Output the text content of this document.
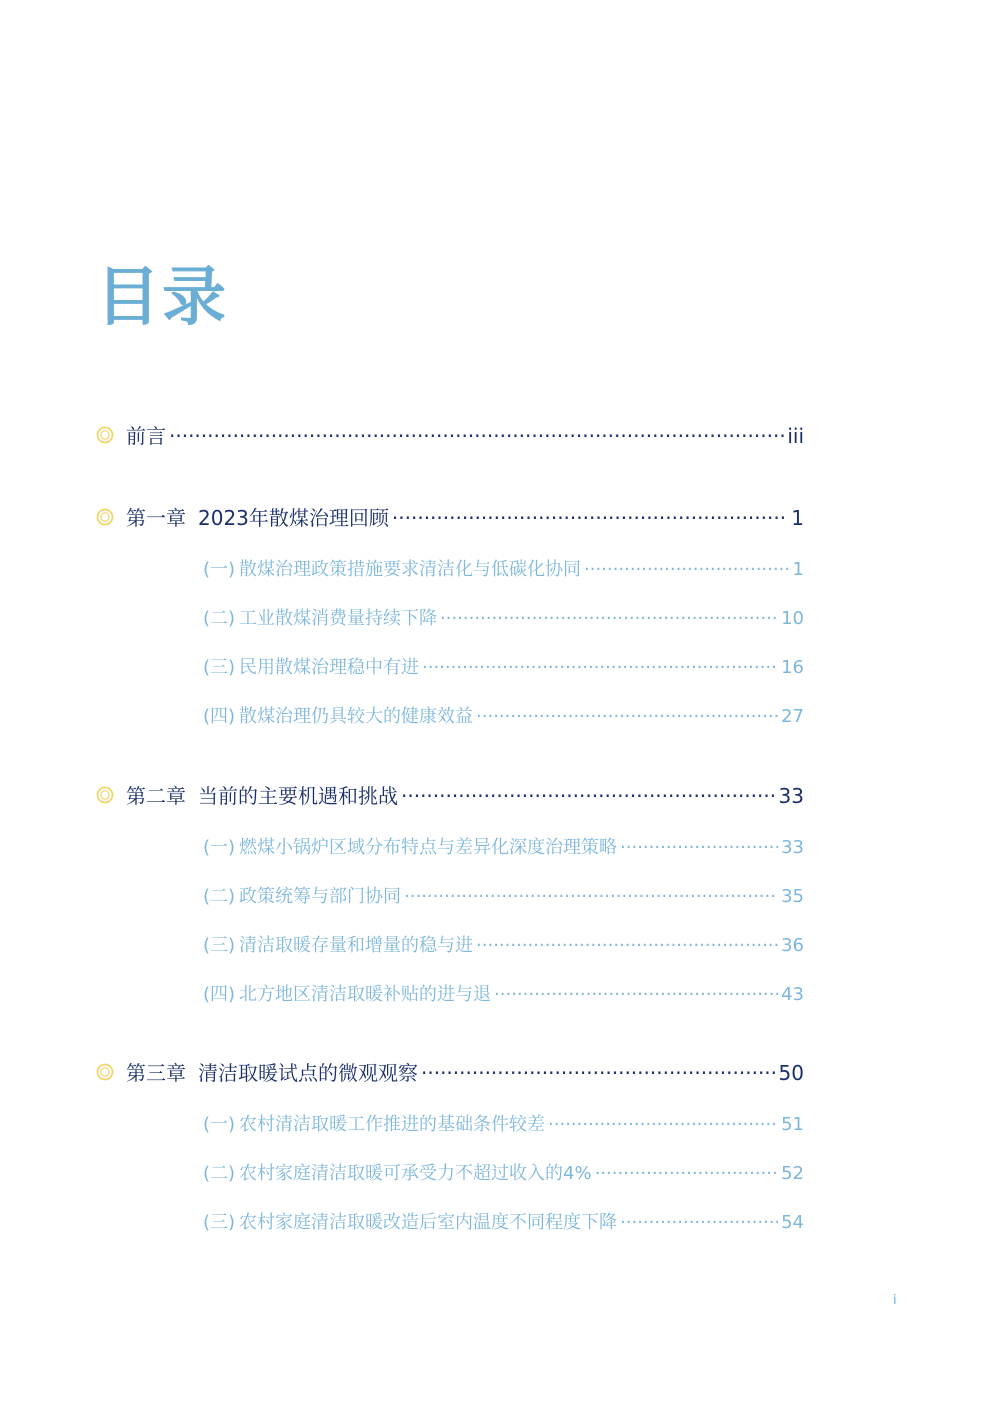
目录
前言 ·····	iii
第一章 2023年散煤治理回顾 ·····	1
(一) 散煤治理政策措施要求清洁化与低碳化协同 ·····	1
(二) 工业散煤消费量持续下降 ·····	10
(三) 民用散煤治理稳中有进 ·····	16
(四) 散煤治理仍具较大的健康效益 ·····	27
第二章 当前的主要机遇和挑战 ·····	33
(一) 燃煤小锅炉区域分布特点与差异化深度治理策略 ·····	33
(二) 政策统筹与部门协同 ·····	35
(三) 清洁取暖存量和增量的稳与进 ·····	36
(四) 北方地区清洁取暖补贴的进与退 ·····	43
第三章 清洁取暖试点的微观观察 ·····	50
(一) 农村清洁取暖工作推进的基础条件较差 ·····	51
(二) 农村家庭清洁取暖可承受力不超过收入的4% ·····	52
(三) 农村家庭清洁取暖改造后室内温度不同程度下降 ·····	54
i
